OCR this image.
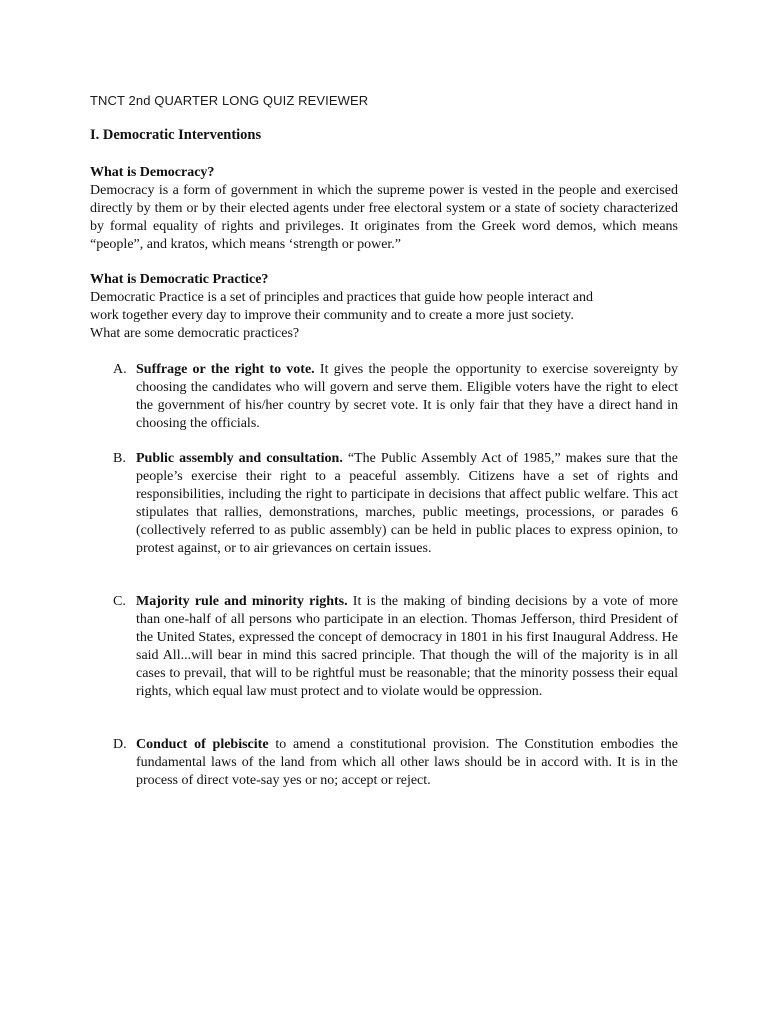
TNCT 2nd QUARTER LONG QUIZ REVIEWER
I. Democratic Interventions
What is Democracy?
Democracy is a form of government in which the supreme power is vested in the people and exercised directly by them or by their elected agents under free electoral system or a state of society characterized by formal equality of rights and privileges. It originates from the Greek word demos, which means “people”, and kratos, which means ‘strength or power.”
What is Democratic Practice?
Democratic Practice is a set of principles and practices that guide how people interact and
work together every day to improve their community and to create a more just society.
What are some democratic practices?
A. Suffrage or the right to vote. It gives the people the opportunity to exercise sovereignty by choosing the candidates who will govern and serve them. Eligible voters have the right to elect the government of his/her country by secret vote. It is only fair that they have a direct hand in choosing the officials.
B. Public assembly and consultation. “The Public Assembly Act of 1985,” makes sure that the people’s exercise their right to a peaceful assembly. Citizens have a set of rights and responsibilities, including the right to participate in decisions that affect public welfare. This act stipulates that rallies, demonstrations, marches, public meetings, processions, or parades 6 (collectively referred to as public assembly) can be held in public places to express opinion, to protest against, or to air grievances on certain issues.
C. Majority rule and minority rights. It is the making of binding decisions by a vote of more than one-half of all persons who participate in an election. Thomas Jefferson, third President of the United States, expressed the concept of democracy in 1801 in his first Inaugural Address. He said All...will bear in mind this sacred principle. That though the will of the majority is in all cases to prevail, that will to be rightful must be reasonable; that the minority possess their equal rights, which equal law must protect and to violate would be oppression.
D. Conduct of plebiscite to amend a constitutional provision. The Constitution embodies the fundamental laws of the land from which all other laws should be in accord with. It is in the process of direct vote-say yes or no; accept or reject.
